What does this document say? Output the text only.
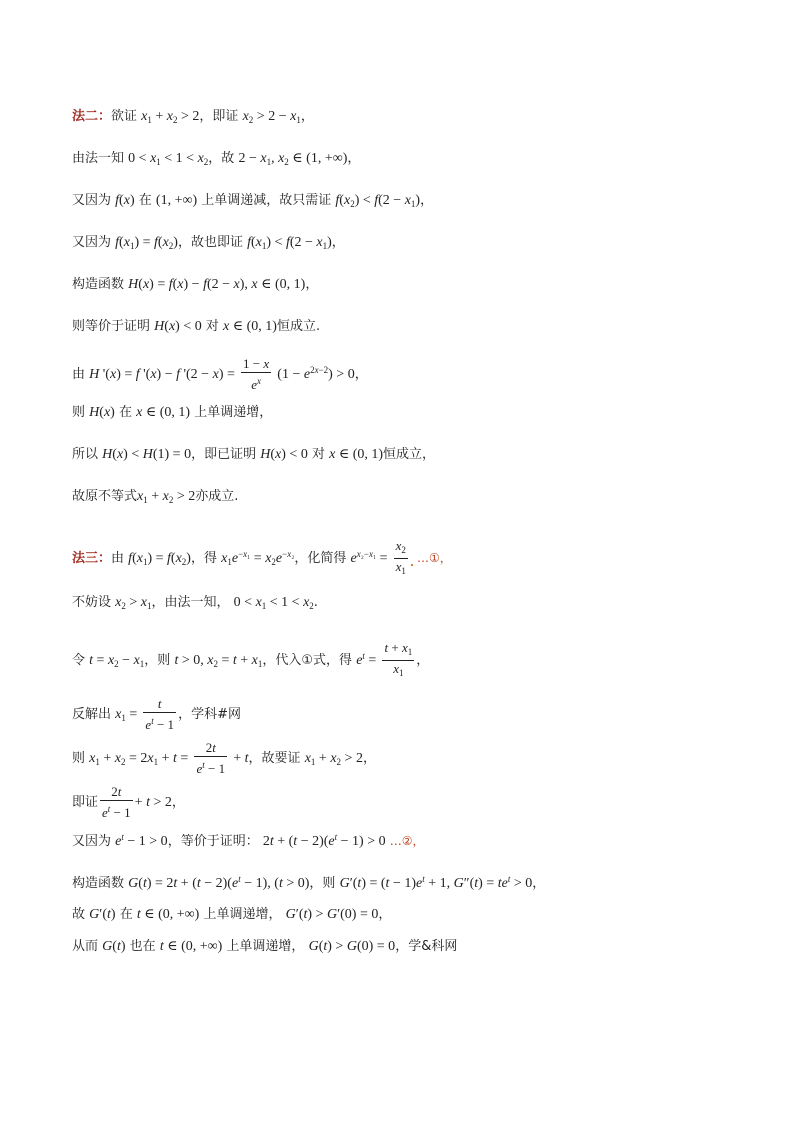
法二：欲证 $x_1 + x_2 > 2$，即证 $x_2 > 2 - x_1$，
由法一知 $0 < x_1 < 1 < x_2$，故 $2 - x_1$, $x_2$ ∈ (1, +∞)，
又因为 f(x) 在 (1, +∞) 上单调递减，故只需证 $f(x_2) < f(2 - x_1)$，
又因为 $f(x_1) = f(x_2)$，故也即证 $f(x_1) < f(2 - x_1)$，
构造函数 H(x) = f(x) − f(2 − x), x ∈ (0, 1)，
则等价于证明 H(x) < 0 对 x ∈ (0, 1)恒成立.
由 H '(x) = f '(x) − f '$(2 - x) = \frac{1 - x}{e^x} (1 - e^{2x-2}) > 0$，
则 H(x) 在 x ∈ (0, 1) 上单调递增，
所以 H(x) < H(1) = 0，即已证明 H(x) < 0 对 x ∈ (0, 1)恒成立，
故原不等式$x_1 + x_2 > 2$亦成立.
法三：由 $f(x_1) = f(x_2)$，得 $x_1e^{-x_1} = x_2e^{-x_2}$，化简得 $e^{x_2-x_1} = \frac{x_2}{x_1}$ …①，
不妨设 $x_2 > x_1$，由法一知， $0 < x_1 < 1 < x_2$.
令 $t = x_2 - x_1$，则 t > 0, $x_2 = t + x_1$，代入①式，得 $e^t = \frac{t + x_1}{x_1}$ ，
反解出 $x_1 = \frac{t}{e^t - 1}$ ，学科#网
则 $x_1 + x_2 = 2x_1 + t = \frac{2t}{e^t - 1} + t$，故要证 $x_1 + x_2 > 2$，
即证 $\frac{2t}{e^t - 1} + t > 2$，
又因为 $e^t - 1 > 0$，等价于证明： $2t + (t - 2)(e^t - 1) > 0$ …②，
构造函数 $G(t) = 2t + (t - 2)(e^t - 1)$, (t > 0)，则 $G'(t) = (t - 1)e^t + 1$, $G''(t) = te^t > 0$，
故 G′(t) 在 t ∈ (0, +∞) 上单调递增， G′(t) > G′(0) = 0，
从而 G(t) 也在 t ∈ (0, +∞) 上单调递增， G(t) > G(0) = 0，学&科网
